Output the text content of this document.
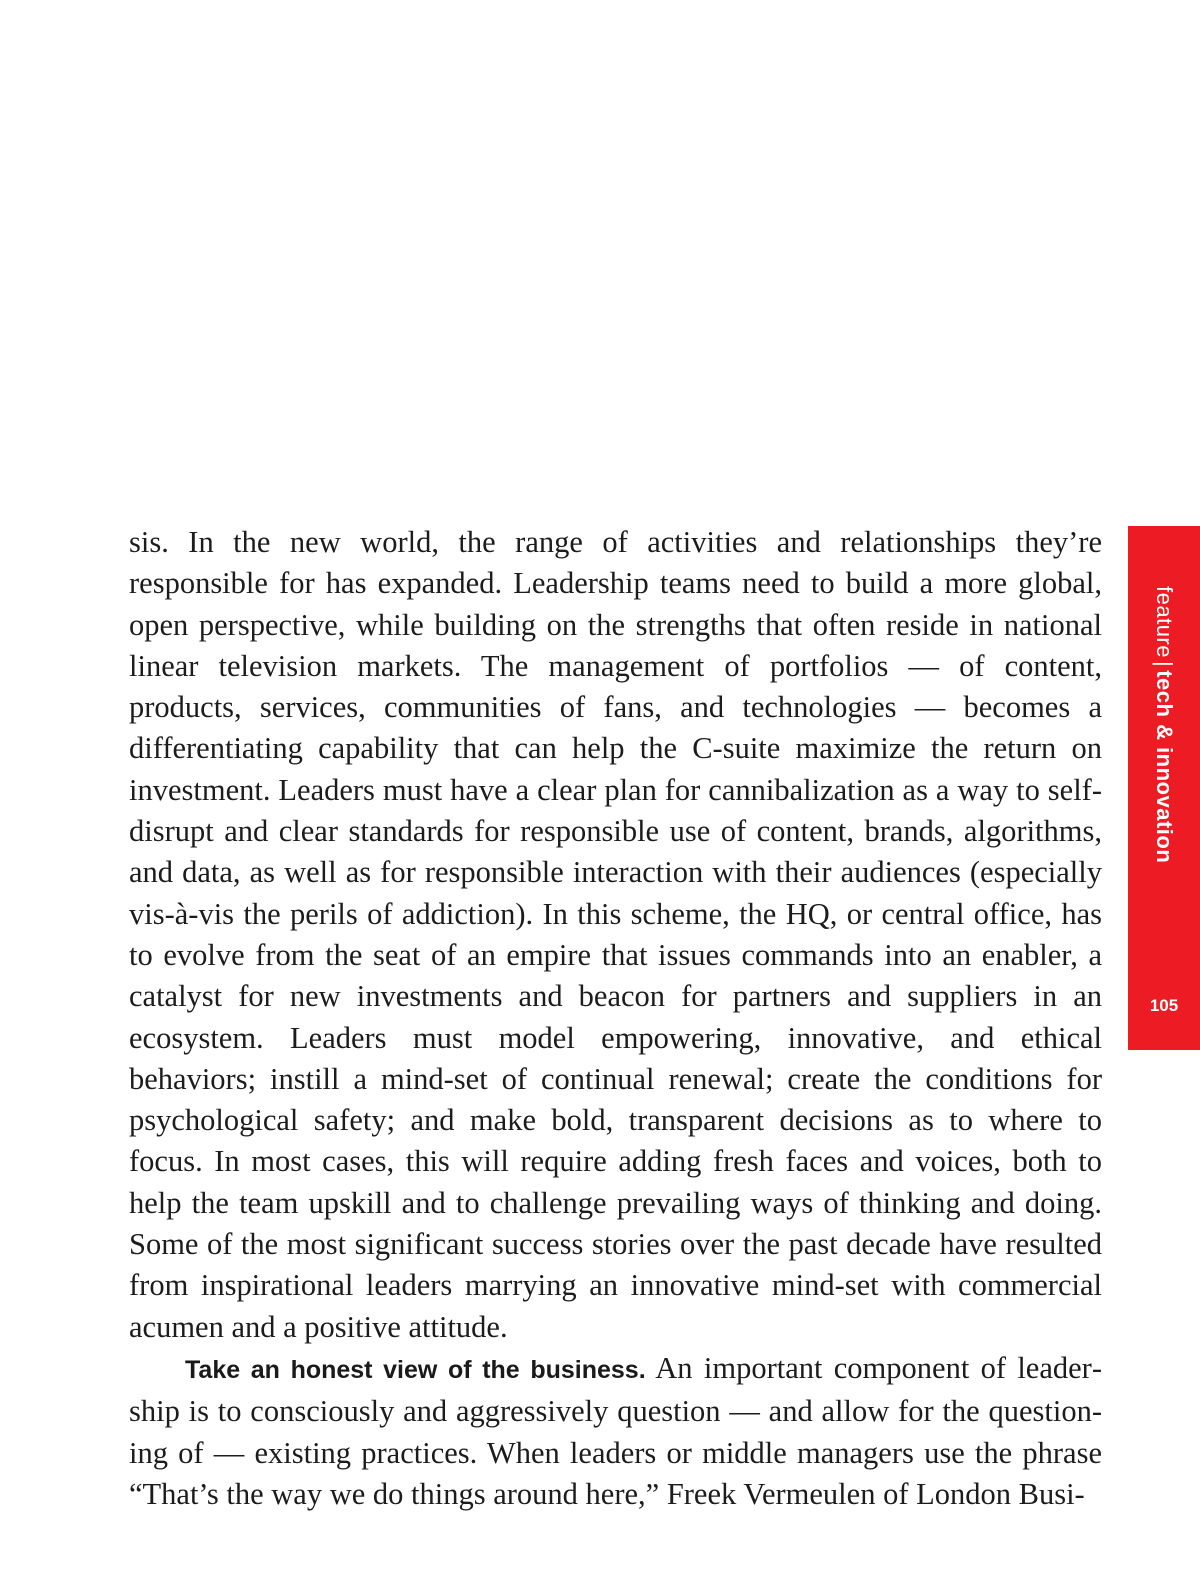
sis. In the new world, the range of activities and relationships they’re responsible for has expanded. Leadership teams need to build a more global, open perspective, while building on the strengths that often reside in national linear television markets. The management of portfolios — of content, products, services, communities of fans, and technologies — becomes a differentiating capability that can help the C-suite maximize the return on investment. Leaders must have a clear plan for cannibalization as a way to self-disrupt and clear standards for responsible use of content, brands, algorithms, and data, as well as for responsible interaction with their audiences (especially vis-à-vis the perils of addiction). In this scheme, the HQ, or central office, has to evolve from the seat of an empire that issues commands into an enabler, a catalyst for new investments and beacon for partners and suppliers in an ecosystem. Leaders must model empowering, innovative, and ethical behaviors; instill a mind-set of continual renewal; create the conditions for psychological safety; and make bold, transparent decisions as to where to focus. In most cases, this will require adding fresh faces and voices, both to help the team upskill and to challenge prevailing ways of thinking and doing. Some of the most significant success stories over the past decade have resulted from inspirational leaders marrying an innovative mind-set with commercial acumen and a positive attitude.

Take an honest view of the business. An important component of leadership is to consciously and aggressively question — and allow for the questioning of — existing practices. When leaders or middle managers use the phrase “That’s the way we do things around here,” Freek Vermeulen of London Busi-

feature|tech & innovation
105
